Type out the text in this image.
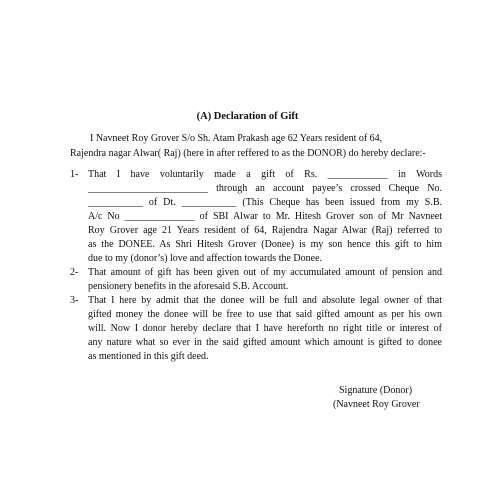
(A) Declaration of Gift
I Navneet Roy Grover S/o Sh. Atam Prakash age 62 Years resident of 64,
Rajendra nagar Alwar( Raj) (here in after reffered to as the DONOR) do hereby declare:-
1- That I have voluntarily made a gift of Rs. ____________ in Words
________________________ through an account payee’s crossed Cheque No.
___________ of Dt. ___________ (This Cheque has been issued from my S.B.
A/c No ______________ of SBI Alwar to Mr. Hitesh Grover son of Mr Navneet
Roy Grover age 21 Years resident of 64, Rajendra Nagar Alwar (Raj) referred to
as the DONEE. As Shri Hitesh Grover (Donee) is my son hence this gift to him
due to my (donor’s) love and affection towards the Donee.
2- That amount of gift has been given out of my accumulated amount of pension and
pensionery benefits in the aforesaid S.B. Account.
3- That I here by admit that the donee will be full and absolute legal owner of that
gifted money the donee will be free to use that said gifted amount as per his own
will. Now I donor hereby declare that I have hereforth no right title or interest of
any nature what so ever in the said gifted amount which amount is gifted to donee
as mentioned in this gift deed.
Signature (Donor)
(Navneet Roy Grover
